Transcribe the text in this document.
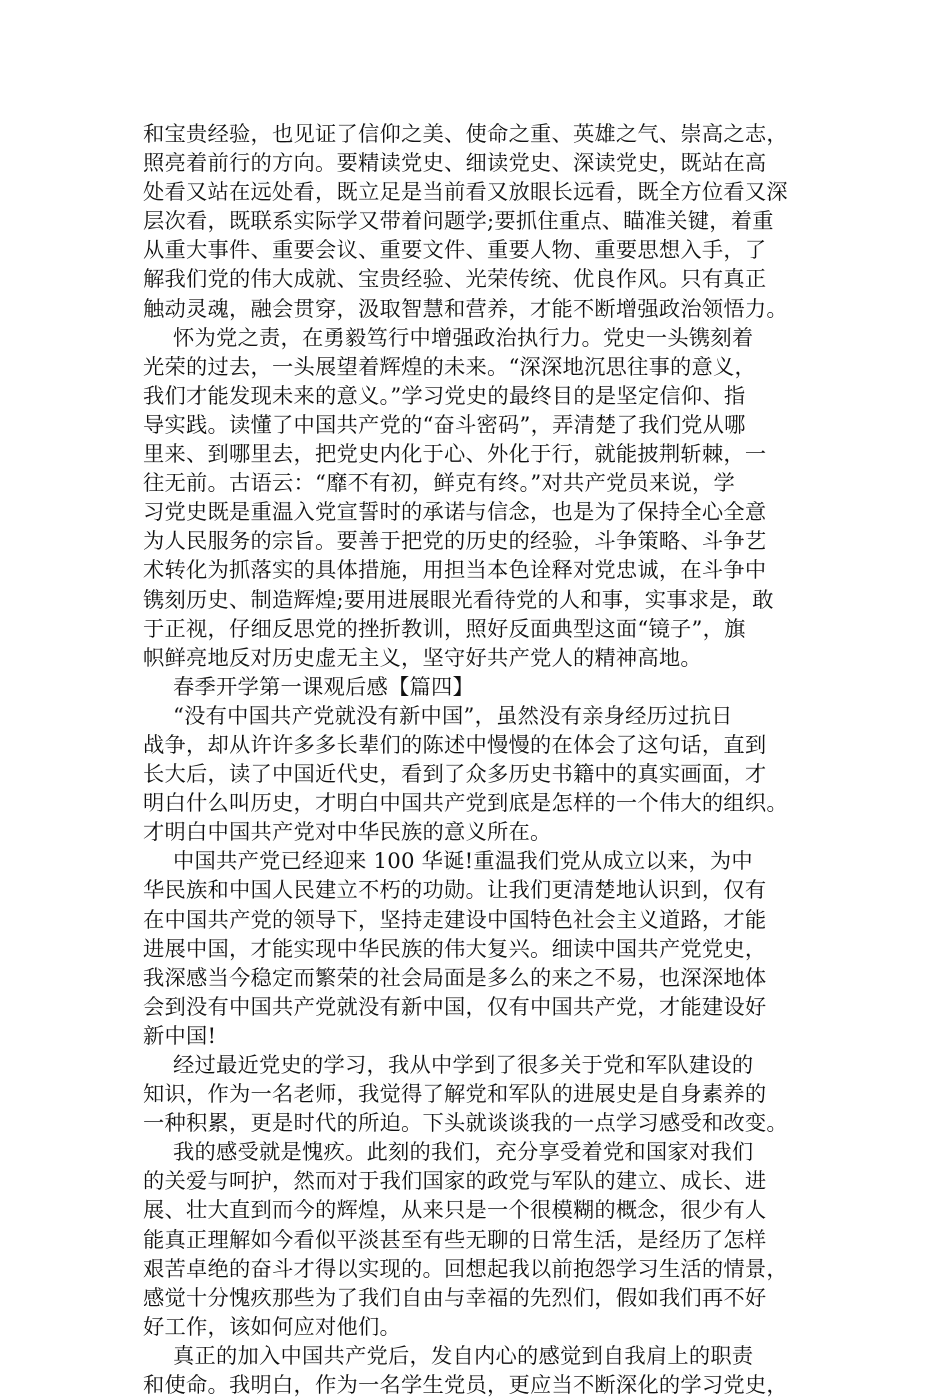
和宝贵经验，也见证了信仰之美、使命之重、英雄之气、崇高之志，
照亮着前行的方向。要精读党史、细读党史、深读党史，既站在高
处看又站在远处看，既立足是当前看又放眼长远看，既全方位看又深
层次看，既联系实际学又带着问题学;要抓住重点、瞄准关键，着重
从重大事件、重要会议、重要文件、重要人物、重要思想入手，了
解我们党的伟大成就、宝贵经验、光荣传统、优良作风。只有真正
触动灵魂，融会贯穿，汲取智慧和营养，才能不断增强政治领悟力。
怀为党之责，在勇毅笃行中增强政治执行力。党史一头镌刻着
光荣的过去，一头展望着辉煌的未来。“深深地沉思往事的意义，
我们才能发现未来的意义。”学习党史的最终目的是坚定信仰、指
导实践。读懂了中国共产党的“奋斗密码”，弄清楚了我们党从哪
里来、到哪里去，把党史内化于心、外化于行，就能披荆斩棘，一
往无前。古语云：“靡不有初，鲜克有终。”对共产党员来说，学
习党史既是重温入党宣誓时的承诺与信念，也是为了保持全心全意
为人民服务的宗旨。要善于把党的历史的经验，斗争策略、斗争艺
术转化为抓落实的具体措施，用担当本色诠释对党忠诚，在斗争中
镌刻历史、制造辉煌;要用进展眼光看待党的人和事，实事求是，敢
于正视，仔细反思党的挫折教训，照好反面典型这面“镜子”，旗
帜鲜亮地反对历史虚无主义，坚守好共产党人的精神高地。
春季开学第一课观后感【篇四】
“没有中国共产党就没有新中国”，虽然没有亲身经历过抗日
战争，却从许许多多长辈们的陈述中慢慢的在体会了这句话，直到
长大后，读了中国近代史，看到了众多历史书籍中的真实画面，才
明白什么叫历史，才明白中国共产党到底是怎样的一个伟大的组织。
才明白中国共产党对中华民族的意义所在。
中国共产党已经迎来 100 华诞!重温我们党从成立以来，为中
华民族和中国人民建立不朽的功勋。让我们更清楚地认识到，仅有
在中国共产党的领导下，坚持走建设中国特色社会主义道路，才能
进展中国，才能实现中华民族的伟大复兴。细读中国共产党党史，
我深感当今稳定而繁荣的社会局面是多么的来之不易，也深深地体
会到没有中国共产党就没有新中国，仅有中国共产党，才能建设好
新中国!
经过最近党史的学习，我从中学到了很多关于党和军队建设的
知识，作为一名老师，我觉得了解党和军队的进展史是自身素养的
一种积累，更是时代的所迫。下头就谈谈我的一点学习感受和改变。
我的感受就是愧疚。此刻的我们，充分享受着党和国家对我们
的关爱与呵护，然而对于我们国家的政党与军队的建立、成长、进
展、壮大直到而今的辉煌，从来只是一个很模糊的概念，很少有人
能真正理解如今看似平淡甚至有些无聊的日常生活，是经历了怎样
艰苦卓绝的奋斗才得以实现的。回想起我以前抱怨学习生活的情景，
感觉十分愧疚那些为了我们自由与幸福的先烈们，假如我们再不好
好工作，该如何应对他们。
真正的加入中国共产党后，发自内心的感觉到自我肩上的职责
和使命。我明白，作为一名学生党员，更应当不断深化的学习党史，
